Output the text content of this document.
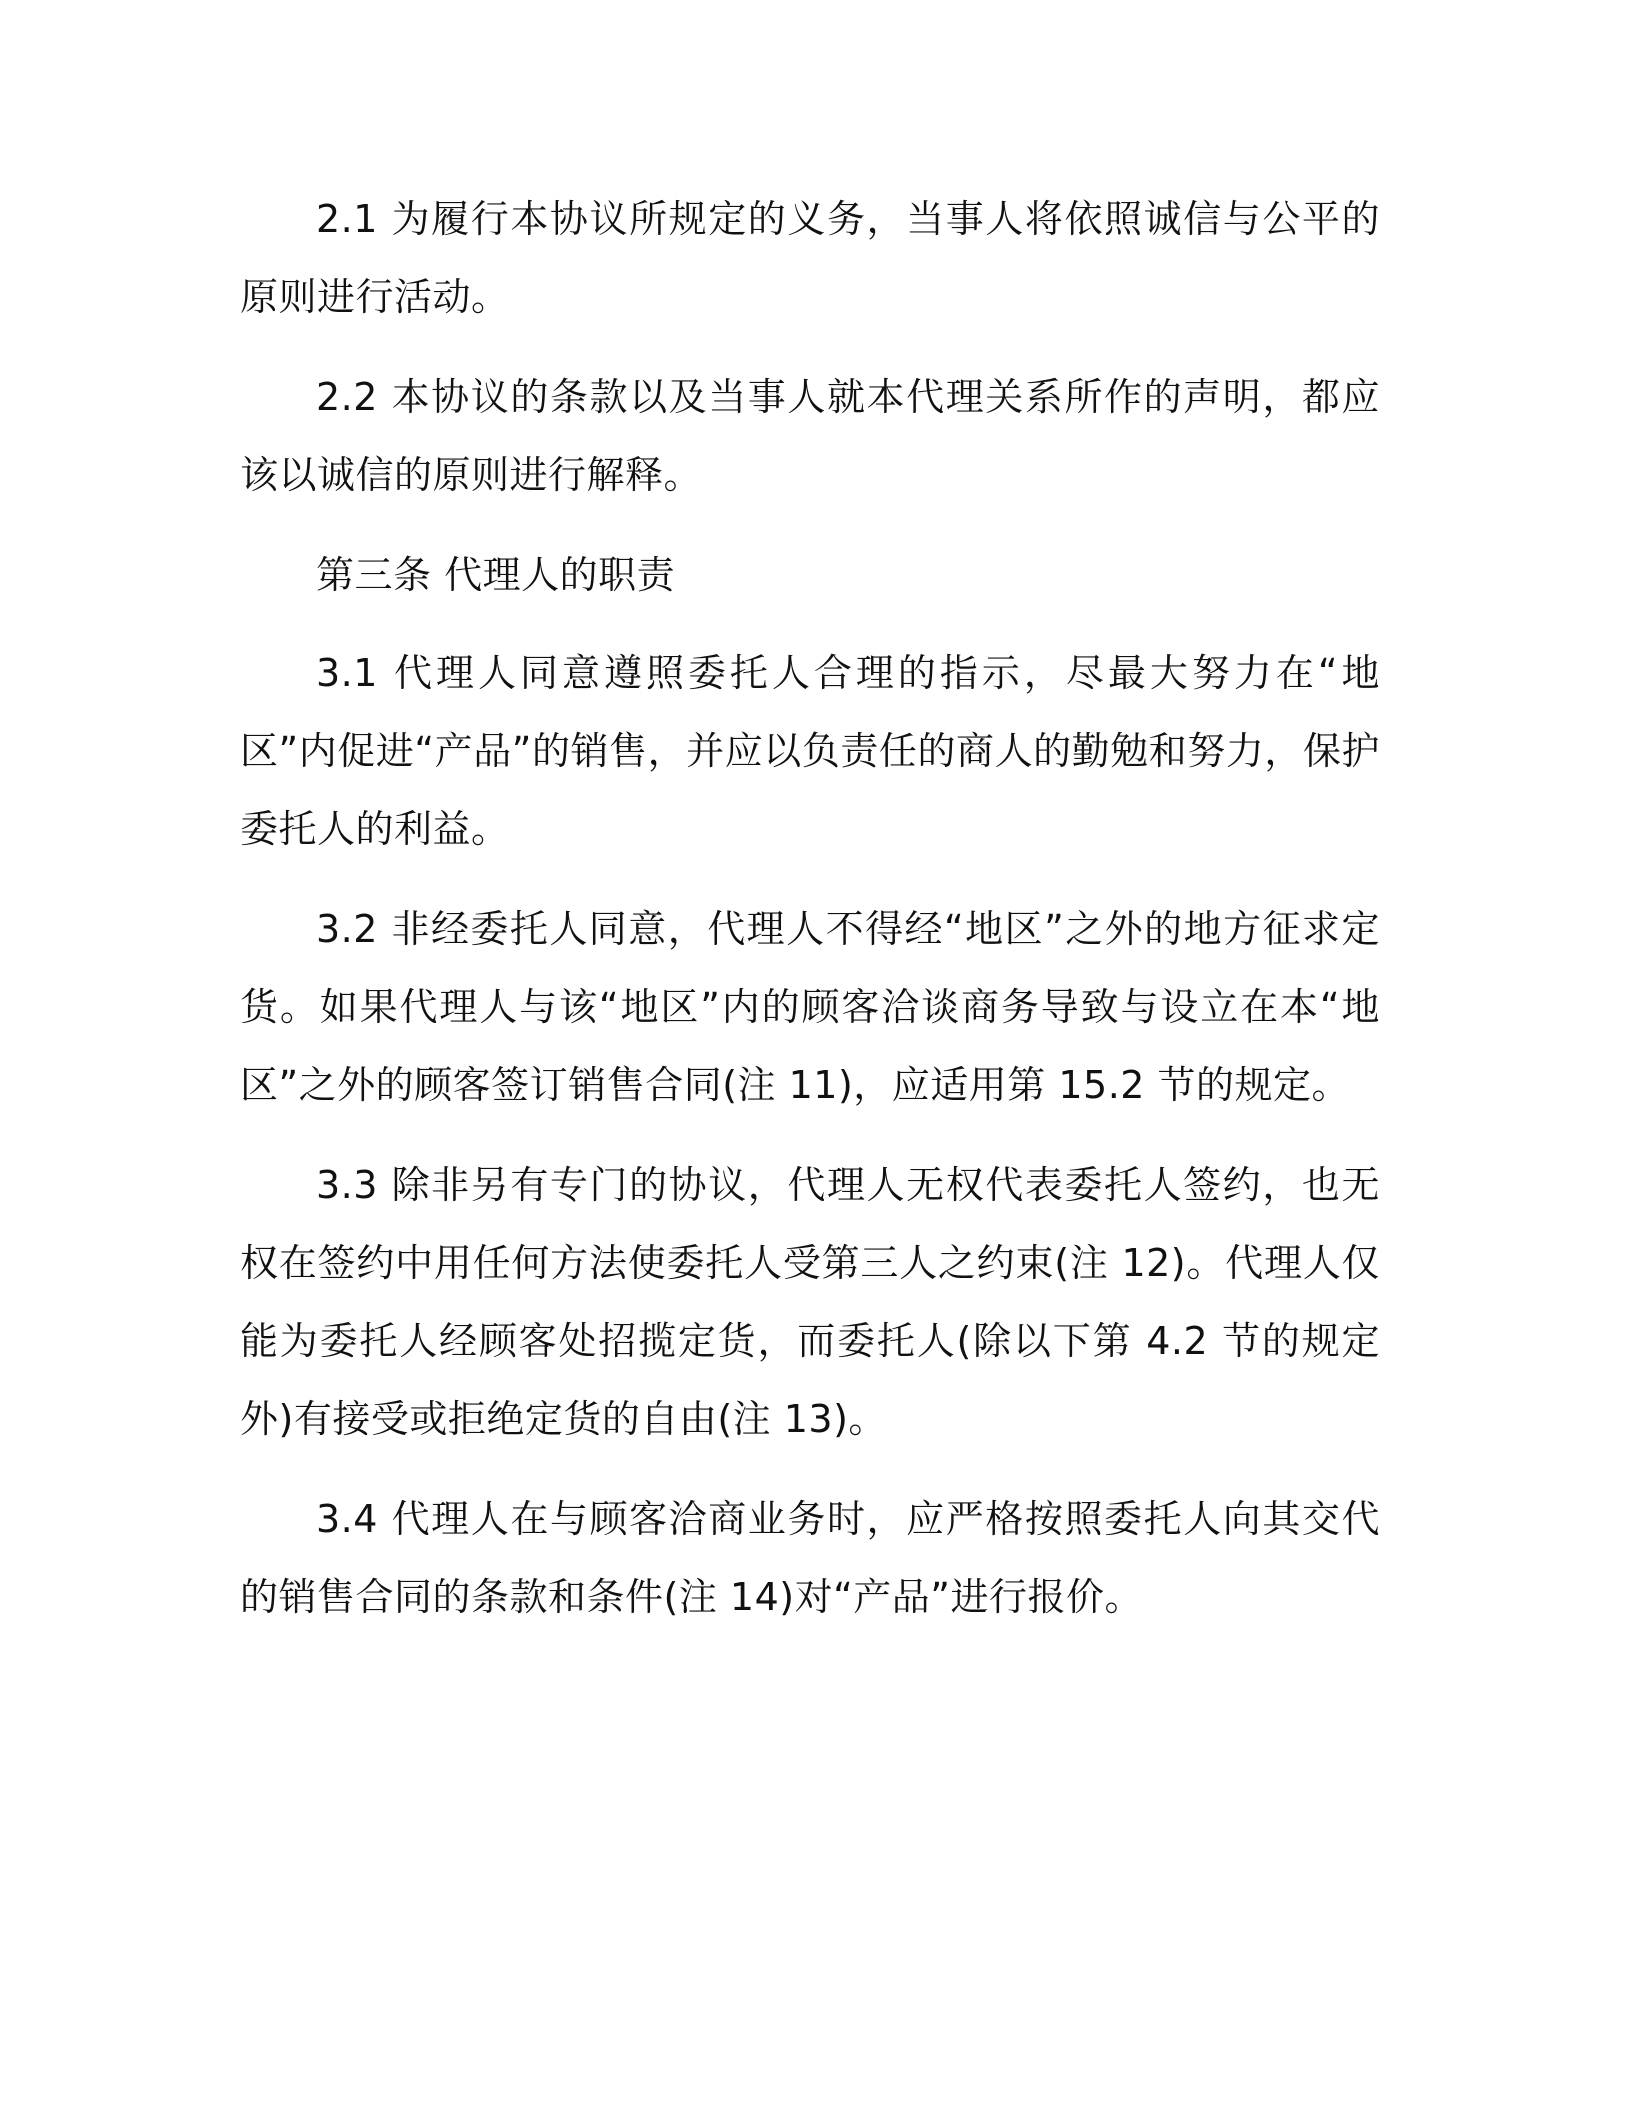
2.1 为履行本协议所规定的义务，当事人将依照诚信与公平的原则进行活动。

2.2 本协议的条款以及当事人就本代理关系所作的声明，都应该以诚信的原则进行解释。

第三条 代理人的职责

3.1 代理人同意遵照委托人合理的指示，尽最大努力在“地区”内促进“产品”的销售，并应以负责任的商人的勤勉和努力，保护委托人的利益。

3.2 非经委托人同意，代理人不得经“地区”之外的地方征求定货。如果代理人与该“地区”内的顾客洽谈商务导致与设立在本“地区”之外的顾客签订销售合同(注 11)，应适用第 15.2 节的规定。

3.3 除非另有专门的协议，代理人无权代表委托人签约，也无权在签约中用任何方法使委托人受第三人之约束(注 12)。代理人仅能为委托人经顾客处招揽定货，而委托人(除以下第 4.2 节的规定外)有接受或拒绝定货的自由(注 13)。

3.4 代理人在与顾客洽商业务时，应严格按照委托人向其交代的销售合同的条款和条件(注 14)对“产品”进行报价。
